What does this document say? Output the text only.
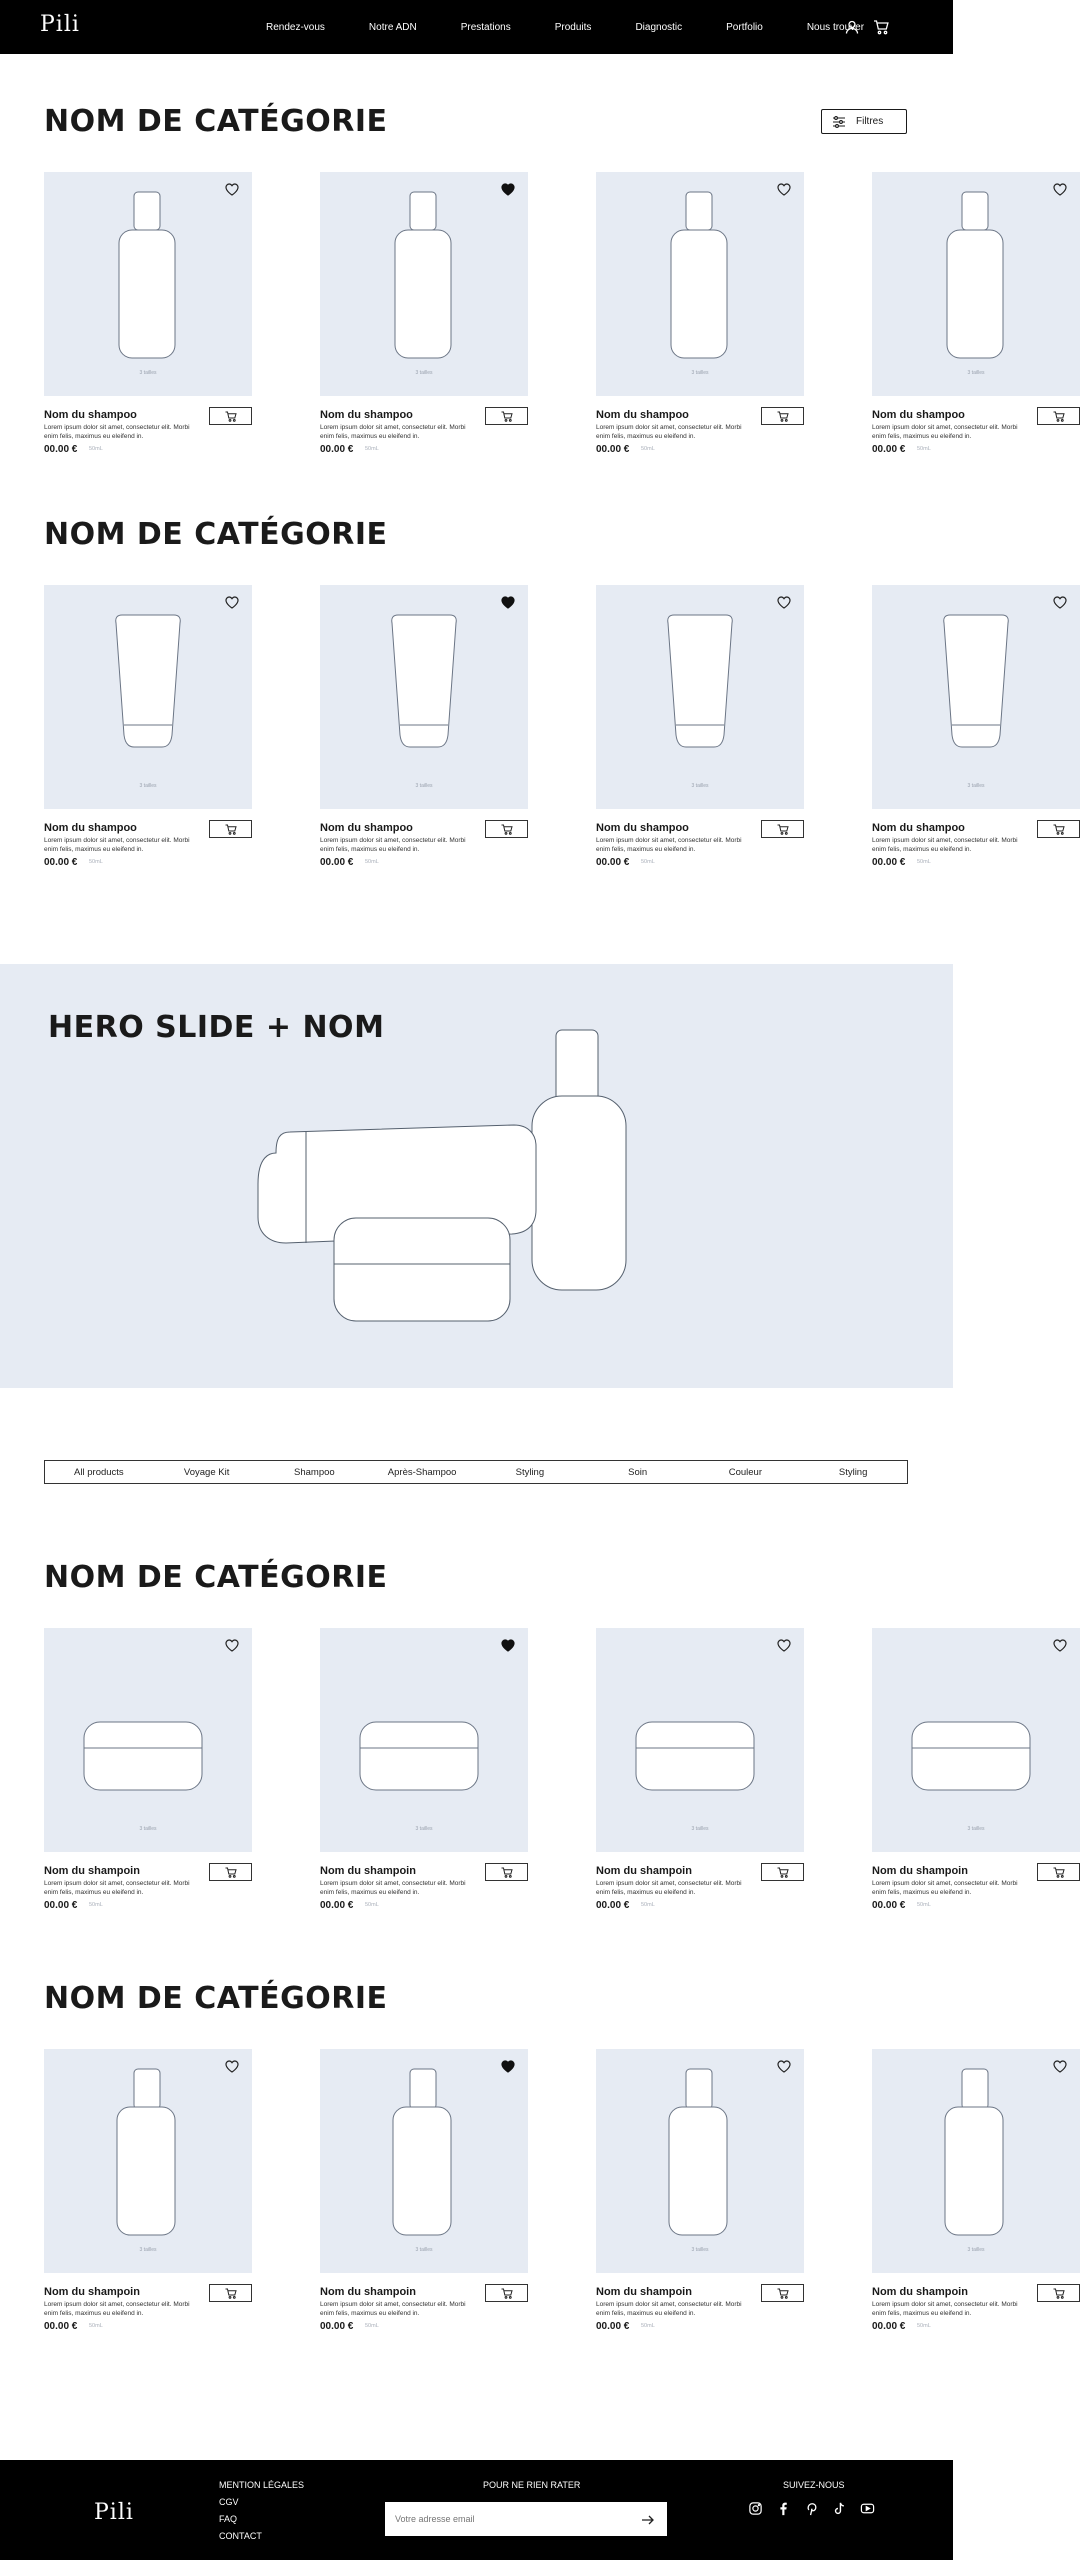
Pili	Rendez-vous	Notre ADN	Prestations	Produits	Diagnostic	Portfolio	Nous trouver
NOM DE CATÉGORIE	Filtres
3 tailles
Nom du shampoo
Lorem ipsum dolor sit amet, consectetur elit. Morbi enim felis, maximus eu eleifend in.
00.00 € 50mL
3 tailles
Nom du shampoo
Lorem ipsum dolor sit amet, consectetur elit. Morbi enim felis, maximus eu eleifend in.
00.00 € 50mL
3 tailles
Nom du shampoo
Lorem ipsum dolor sit amet, consectetur elit. Morbi enim felis, maximus eu eleifend in.
00.00 € 50mL
3 tailles
Nom du shampoo
Lorem ipsum dolor sit amet, consectetur elit. Morbi enim felis, maximus eu eleifend in.
00.00 € 50mL
NOM DE CATÉGORIE
3 tailles
Nom du shampoo
Lorem ipsum dolor sit amet, consectetur elit. Morbi enim felis, maximus eu eleifend in.
00.00 € 50mL
3 tailles
Nom du shampoo
Lorem ipsum dolor sit amet, consectetur elit. Morbi enim felis, maximus eu eleifend in.
00.00 € 50mL
3 tailles
Nom du shampoo
Lorem ipsum dolor sit amet, consectetur elit. Morbi enim felis, maximus eu eleifend in.
00.00 € 50mL
3 tailles
Nom du shampoo
Lorem ipsum dolor sit amet, consectetur elit. Morbi enim felis, maximus eu eleifend in.
00.00 € 50mL
HERO SLIDE + NOM
All products	Voyage Kit	Shampoo	Après-Shampoo	Styling	Soin	Couleur	Styling
NOM DE CATÉGORIE
3 tailles
Nom du shampoin
Lorem ipsum dolor sit amet, consectetur elit. Morbi enim felis, maximus eu eleifend in.
00.00 € 50mL
3 tailles
Nom du shampoin
Lorem ipsum dolor sit amet, consectetur elit. Morbi enim felis, maximus eu eleifend in.
00.00 € 50mL
3 tailles
Nom du shampoin
Lorem ipsum dolor sit amet, consectetur elit. Morbi enim felis, maximus eu eleifend in.
00.00 € 50mL
3 tailles
Nom du shampoin
Lorem ipsum dolor sit amet, consectetur elit. Morbi enim felis, maximus eu eleifend in.
00.00 € 50mL
NOM DE CATÉGORIE
3 tailles
Nom du shampoin
Lorem ipsum dolor sit amet, consectetur elit. Morbi enim felis, maximus eu eleifend in.
00.00 € 50mL
3 tailles
Nom du shampoin
Lorem ipsum dolor sit amet, consectetur elit. Morbi enim felis, maximus eu eleifend in.
00.00 € 50mL
3 tailles
Nom du shampoin
Lorem ipsum dolor sit amet, consectetur elit. Morbi enim felis, maximus eu eleifend in.
00.00 € 50mL
3 tailles
Nom du shampoin
Lorem ipsum dolor sit amet, consectetur elit. Morbi enim felis, maximus eu eleifend in.
00.00 € 50mL
Pili
MENTION LÉGALES
CGV
FAQ
CONTACT
POUR NE RIEN RATER
Votre adresse email	SUIVEZ-NOUS
